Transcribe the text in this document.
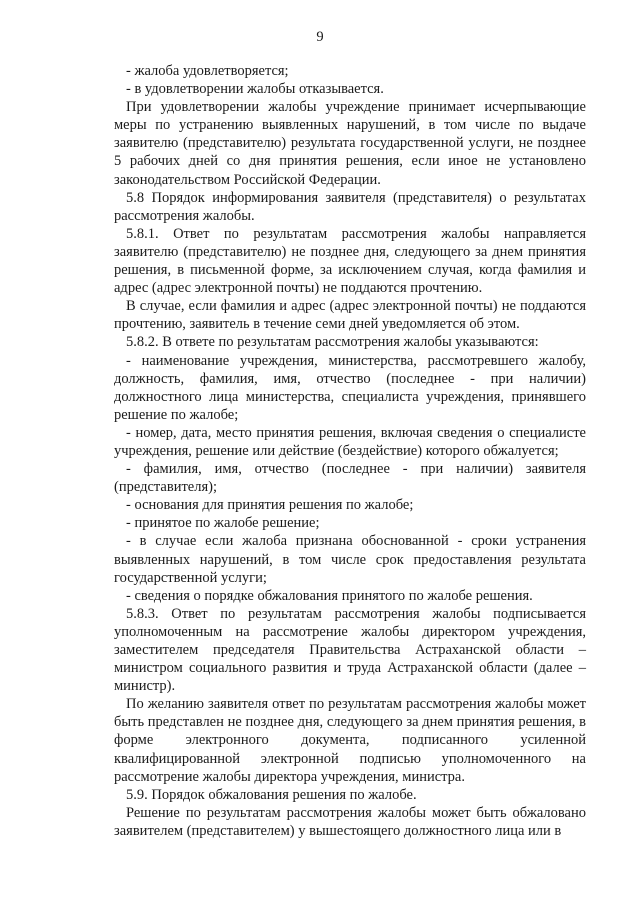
9

- жалоба удовлетворяется;

- в удовлетворении жалобы отказывается.

При удовлетворении жалобы учреждение принимает исчерпывающие меры по устранению выявленных нарушений, в том числе по выдаче заявителю (представителю) результата государственной услуги, не позднее 5 рабочих дней со дня принятия решения, если иное не установлено законодательством Российской Федерации.

5.8 Порядок информирования заявителя (представителя) о результатах рассмотрения жалобы.

5.8.1. Ответ по результатам рассмотрения жалобы направляется заявителю (представителю) не позднее дня, следующего за днем принятия решения, в письменной форме, за исключением случая, когда фамилия и адрес (адрес электронной почты) не поддаются прочтению.

В случае, если фамилия и адрес (адрес электронной почты) не поддаются прочтению, заявитель в течение семи дней уведомляется об этом.

5.8.2. В ответе по результатам рассмотрения жалобы указываются:

- наименование учреждения, министерства, рассмотревшего жалобу, должность, фамилия, имя, отчество (последнее - при наличии) должностного лица министерства, специалиста учреждения, принявшего решение по жалобе;

- номер, дата, место принятия решения, включая сведения о специалисте учреждения, решение или действие (бездействие) которого обжалуется;

- фамилия, имя, отчество (последнее - при наличии) заявителя (представителя);

- основания для принятия решения по жалобе;

- принятое по жалобе решение;

- в случае если жалоба признана обоснованной - сроки устранения выявленных нарушений, в том числе срок предоставления результата государственной услуги;

- сведения о порядке обжалования принятого по жалобе решения.

5.8.3. Ответ по результатам рассмотрения жалобы подписывается уполномоченным на рассмотрение жалобы директором учреждения, заместителем председателя Правительства Астраханской области – министром социального развития и труда Астраханской области (далее – министр).

По желанию заявителя ответ по результатам рассмотрения жалобы может быть представлен не позднее дня, следующего за днем принятия решения, в форме электронного документа, подписанного усиленной квалифицированной электронной подписью уполномоченного на рассмотрение жалобы директора учреждения, министра.

5.9. Порядок обжалования решения по жалобе.

Решение по результатам рассмотрения жалобы может быть обжаловано заявителем (представителем) у вышестоящего должностного лица или в
